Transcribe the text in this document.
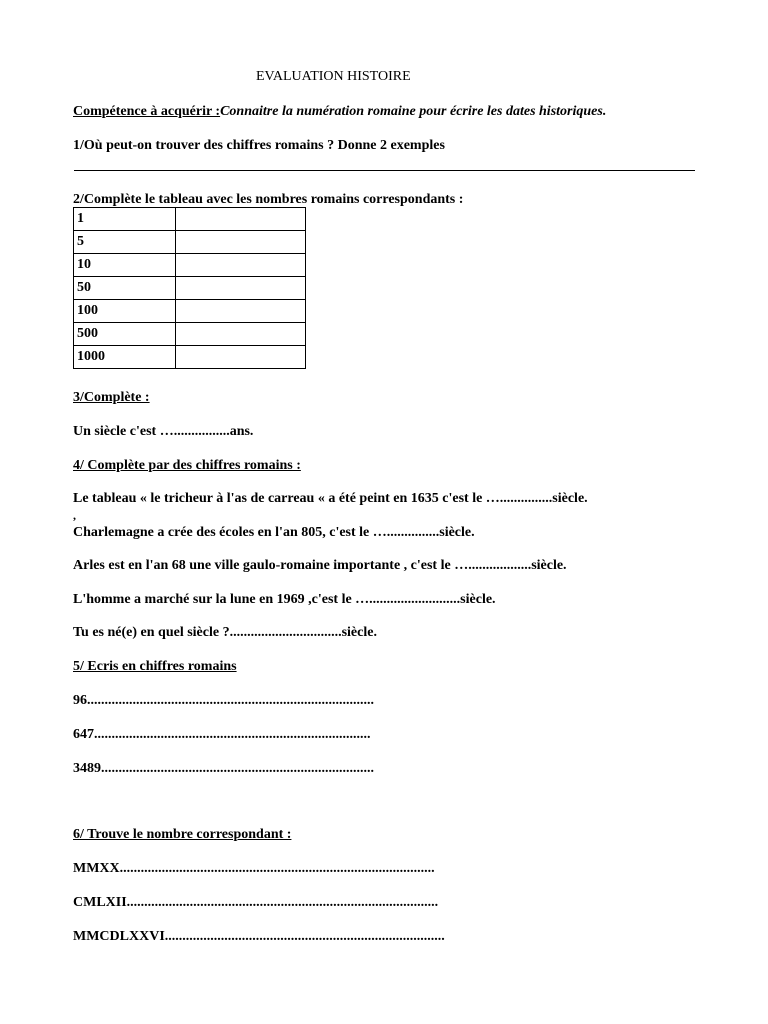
EVALUATION HISTOIRE
Compétence à acquérir :Connaitre la numération romaine pour écrire les dates historiques.
1/Où peut-on trouver des chiffres romains ? Donne 2 exemples
2/Complète le tableau avec les nombres romains correspondants :
1	
5	
10	
50	
100	
500	
1000	
3/Complète :
Un siècle c'est …................ans.
4/ Complète par des chiffres romains :
Le tableau « le tricheur à l'as de carreau « a été peint en 1635 c'est le …...............siècle.
,
Charlemagne a crée des écoles en l'an 805, c'est le …...............siècle.
Arles est en l'an 68 une ville gaulo-romaine importante , c'est le …..................siècle.
L'homme a marché sur la lune en 1969 ,c'est le …..........................siècle.
Tu es né(e) en quel siècle ?................................siècle.
5/ Ecris en chiffres romains
96..................................................................................
647...............................................................................
3489..............................................................................
6/ Trouve le nombre correspondant :
MMXX..........................................................................................
CMLXII.........................................................................................
MMCDLXXVI................................................................................
